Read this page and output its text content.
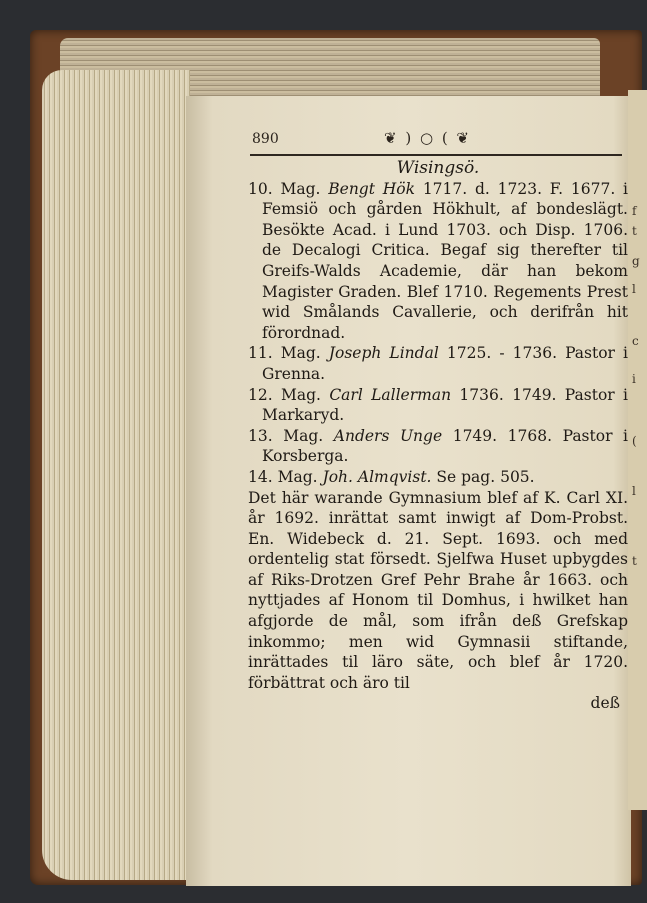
f
t
g
l
c
i
(
l
t
890	❦ ) ○ ( ❦

Wisingsö.

10. Mag. Bengt Hök 1717. d. 1723. F. 1677. i Femsiö och gården Hökhult, af bondeslägt. Besökte Acad. i Lund 1703. och Disp. 1706. de Decalogi Critica. Begaf sig therefter til Greifs-Walds Academie, där han bekom Magister Graden. Blef 1710. Regements Prest wid Smålands Cavallerie, och derifrån hit förordnad.

11. Mag. Joseph Lindal 1725. - 1736. Pastor i Grenna.

12. Mag. Carl Lallerman 1736. 1749. Pastor i Markaryd.

13. Mag. Anders Unge 1749. 1768. Pastor i Korsberga.

14. Mag. Joh. Almqvist. Se pag. 505.

Det här warande Gymnasium blef af K. Carl XI. år 1692. inrättat samt inwigt af Dom-Probst. En. Widebeck d. 21. Sept. 1693. och med ordentelig stat försedt. Sjelfwa Huset upbygdes af Riks-Drotzen Gref Pehr Brahe år 1663. och nyttjades af Honom til Domhus, i hwilket han afgjorde de mål, som ifrån deß Grefskap inkommo; men wid Gymnasii stiftande, inrättades til läro säte, och blef år 1720. förbättrat och äro til

deß
